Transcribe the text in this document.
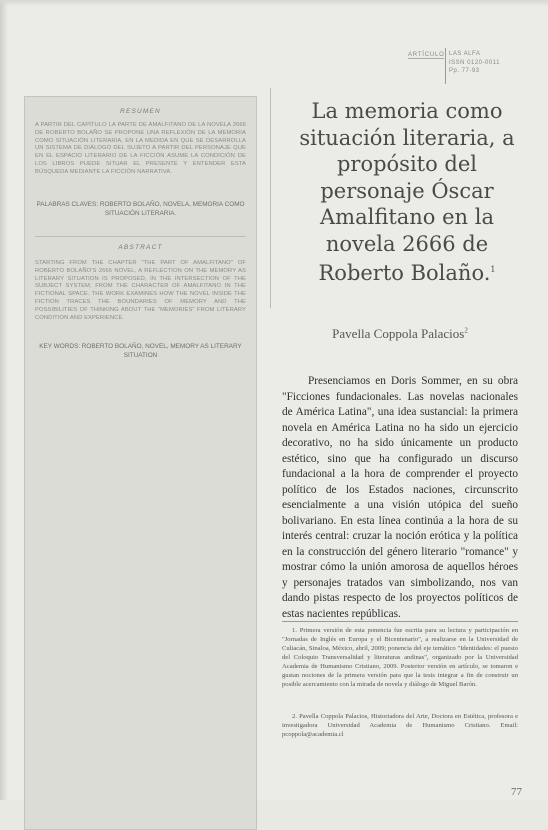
ARTÍCULO LAS ALFA
ISSN 0120-0011
Pp. 77-93
RESUMEN
A PARTIR DEL CAPÍTULO LA PARTE DE AMALFITANO DE LA NOVELA 2666 DE ROBERTO BOLAÑO SE PROPONE UNA REFLEXIÓN DE LA MEMORIA COMO SITUACIÓN LITERARIA, EN LA MEDIDA EN QUE SE DESARROLLA UN SISTEMA DE DIÁLOGO DEL SUJETO A PARTIR DEL PERSONAJE QUE EN EL ESPACIO LITERARIO DE LA FICCIÓN ASUME LA CONDICIÓN DE LOS LIBROS PUEDE SITUAR EL PRESENTE Y ENTENDER ESTA BÚSQUEDA MEDIANTE LA FICCIÓN NARRATIVA.
PALABRAS CLAVES: ROBERTO BOLAÑO, NOVELA, MEMORIA COMO SITUACIÓN LITERARIA.
ABSTRACT
STARTING FROM THE CHAPTER "THE PART OF AMALFITANO" OF ROBERTO BOLAÑO'S 2666 NOVEL, A REFLECTION ON THE MEMORY AS LITERARY SITUATION IS PROPOSED, IN THE INTERSECTION OF THE SUBJECT SYSTEM, FROM THE CHARACTER OF AMALFITANO IN THE FICTIONAL SPACE. THE WORK EXAMINES HOW THE NOVEL INSIDE THE FICTION TRACES THE BOUNDARIES OF MEMORY AND THE POSSIBILITIES OF THINKING ABOUT THE "MEMORIES" FROM LITERARY CONDITION AND EXPERIENCE.
KEY WORDS: ROBERTO BOLAÑO, NOVEL, MEMORY AS LITERARY SITUATION
La memoria como situación literaria, a propósito del personaje Óscar Amalfitano en la novela 2666 de Roberto Bolaño.$^1$
Pavella Coppola Palacios$^2$
Presenciamos en Doris Sommer, en su obra "Ficciones fundacionales. Las novelas nacionales de América Latina", una idea sustancial: la primera novela en América Latina no ha sido un ejercicio decorativo, no ha sido únicamente un producto estético, sino que ha configurado un discurso fundacional a la hora de comprender el proyecto político de los Estados naciones, circunscrito esencialmente a una visión utópica del sueño bolivariano. En esta línea continúa a la hora de su interés central: cruzar la noción erótica y la política en la construcción del género literario "romance" y mostrar cómo la unión amorosa de aquellos héroes y personajes tratados van simbolizando, nos van dando pistas respecto de los proyectos políticos de estas nacientes repúblicas.
1. Primera versión de esta ponencia fue escrita para su lectura y participación en "Jornadas de Inglés en Europa y el Bicentenario", a realizarse en la Universidad de Culiacán, Sinaloa, México, abril, 2009; ponencia del eje temático "Identidades: el puesto del Coloquio Transversalidad y literaturas andinas", organizado por la Universidad Academia de Humanismo Cristiano, 2009. Posterior versión en artículo, se tomaron e gustan nociones de la primera versión para que la tesis integrar a fin de construir un posible acercamiento con la mirada de novela y diálogo de Miguel Barón.
2. Pavella Coppola Palacios, Historiadora del Arte, Doctora en Estética, profesora e investigadora Universidad Academia de Humanismo Cristiano. Email: pcoppola@academia.cl
77
